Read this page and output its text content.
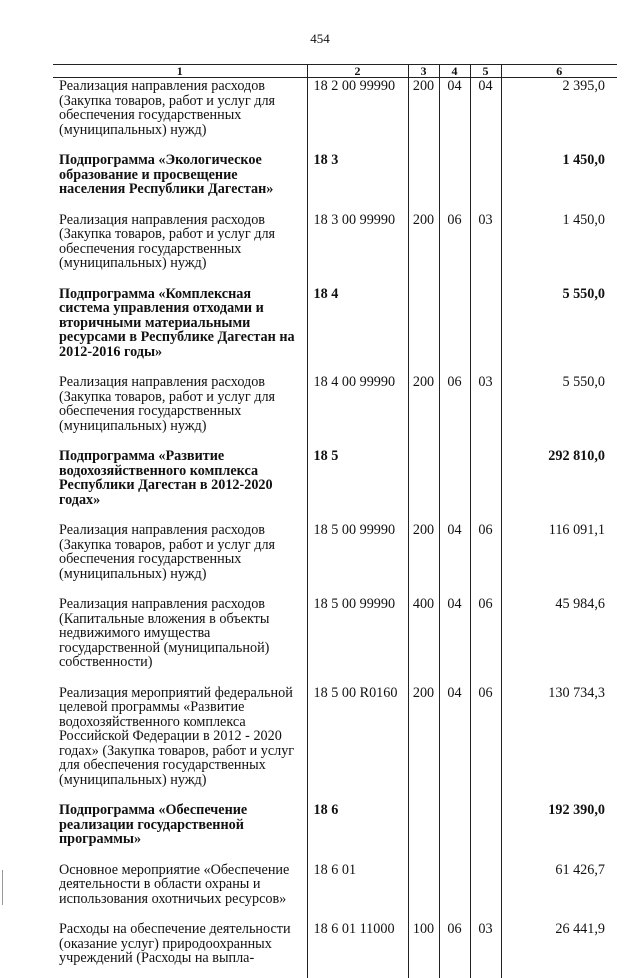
454
1	2	3	4	5	6
Реализация направления расходов (Закупка товаров, работ и услуг для обеспечения государственных (муниципальных) нужд)	18 2 00 99990	200	04	04	2 395,0
Подпрограмма «Экологическое образование и просвещение населения Республики Дагестан»	18 3				1 450,0
Реализация направления расходов (Закупка товаров, работ и услуг для обеспечения государственных (муниципальных) нужд)	18 3 00 99990	200	06	03	1 450,0
Подпрограмма «Комплексная система управления отходами и вторичными материальными ресурсами в Республике Дагестан на 2012-2016 годы»	18 4				5 550,0
Реализация направления расходов (Закупка товаров, работ и услуг для обеспечения государственных (муниципальных) нужд)	18 4 00 99990	200	06	03	5 550,0
Подпрограмма «Развитие водохозяйственного комплекса Республики Дагестан в 2012-2020 годах»	18 5				292 810,0
Реализация направления расходов (Закупка товаров, работ и услуг для обеспечения государственных (муниципальных) нужд)	18 5 00 99990	200	04	06	116 091,1
Реализация направления расходов (Капитальные вложения в объекты недвижимого имущества государственной (муниципальной) собственности)	18 5 00 99990	400	04	06	45 984,6
Реализация мероприятий федеральной целевой программы «Развитие водохозяйственного комплекса Российской Федерации в 2012 - 2020 годах» (Закупка товаров, работ и услуг для обеспечения государственных (муниципальных) нужд)	18 5 00 R0160	200	04	06	130 734,3
Подпрограмма «Обеспечение реализации государственной программы»	18 6				192 390,0
Основное мероприятие «Обеспечение деятельности в области охраны и использования охотничьих ресурсов»	18 6 01				61 426,7
Расходы на обеспечение деятельности (оказание услуг) природоохранных учреждений (Расходы на выпла-	18 6 01 11000	100	06	03	26 441,9
